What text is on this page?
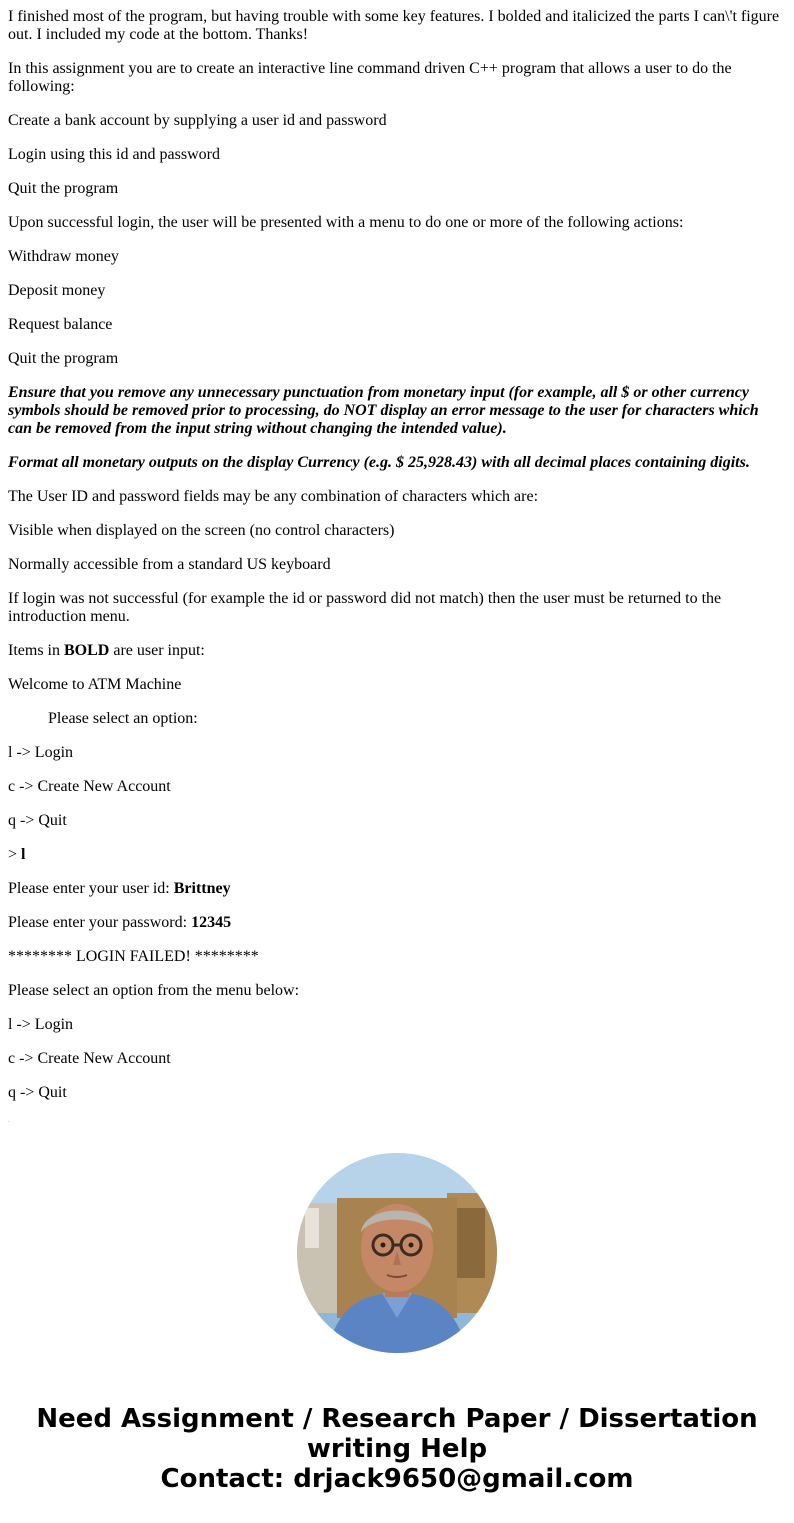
I finished most of the program, but having trouble with some key features. I bolded and italicized the parts I can\'t figure out. I included my code at the bottom. Thanks!

In this assignment you are to create an interactive line command driven C++ program that allows a user to do the following:

Create a bank account by supplying a user id and password

Login using this id and password

Quit the program

Upon successful login, the user will be presented with a menu to do one or more of the following actions:

Withdraw money

Deposit money

Request balance

Quit the program

Ensure that you remove any unnecessary punctuation from monetary input (for example, all $ or other currency symbols should be removed prior to processing, do NOT display an error message to the user for characters which can be removed from the input string without changing the intended value).

Format all monetary outputs on the display Currency (e.g. $ 25,928.43) with all decimal places containing digits.

The User ID and password fields may be any combination of characters which are:

Visible when displayed on the screen (no control characters)

Normally accessible from a standard US keyboard

If login was not successful (for example the id or password did not match) then the user must be returned to the introduction menu.

Items in BOLD are user input:

Welcome to ATM Machine

Please select an option:

l -> Login

c -> Create New Account

q -> Quit

> l

Please enter your user id: Brittney

Please enter your password: 12345

******** LOGIN FAILED! ********

Please select an option from the menu below:

l -> Login

c -> Create New Account

q -> Quit

.

Need Assignment / Research Paper / Dissertation
writing Help
Contact: drjack9650@gmail.com
